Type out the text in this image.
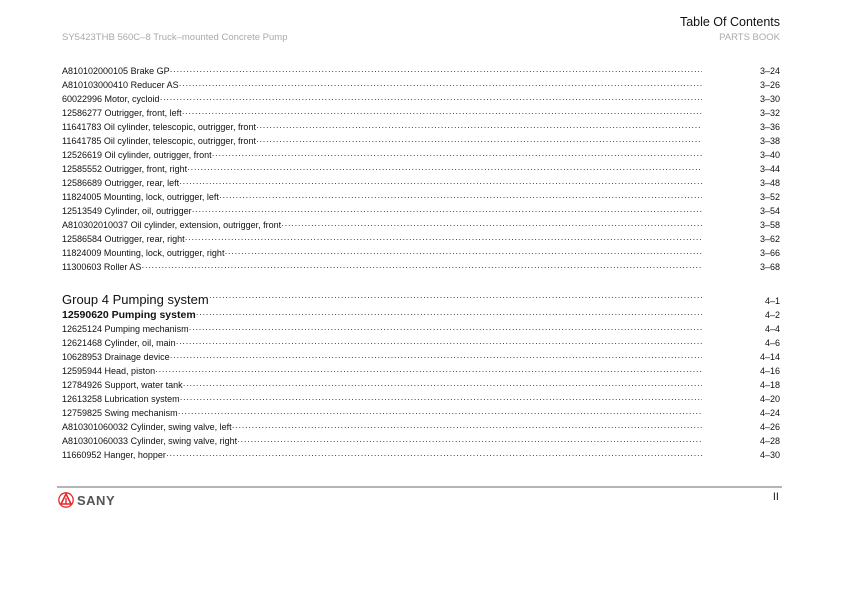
Table Of Contents
SY5423THB 560C–8 Truck–mounted Concrete Pump	PARTS BOOK
A810102000105 Brake GP ·····	3–24
A810103000410 Reducer AS ·····	3–26
60022996 Motor, cycloid ·····	3–30
12586277 Outrigger, front, left ·····	3–32
11641783 Oil cylinder, telescopic, outrigger, front ·····	3–36
11641785 Oil cylinder, telescopic, outrigger, front ·····	3–38
12526619 Oil cylinder, outrigger, front ·····	3–40
12585552 Outrigger, front, right ·····	3–44
12586689 Outrigger, rear, left ·····	3–48
11824005 Mounting, lock, outrigger, left ·····	3–52
12513549 Cylinder, oil, outrigger ·····	3–54
A810302010037 Oil cylinder, extension, outrigger, front ·····	3–58
12586584 Outrigger, rear, right ·····	3–62
11824009 Mounting, lock, outrigger, right ·····	3–66
11300603 Roller AS ·····	3–68
Group 4 Pumping system ·····	4–1
12590620 Pumping system ·····	4–2
12625124 Pumping mechanism ·····	4–4
12621468 Cylinder, oil, main ·····	4–6
10628953 Drainage device ·····	4–14
12595944 Head, piston ·····	4–16
12784926 Support, water tank ·····	4–18
12613258 Lubrication system ·····	4–20
12759825 Swing mechanism ·····	4–24
A810301060032 Cylinder, swing valve, left ·····	4–26
A810301060033 Cylinder, swing valve, right ·····	4–28
11660952 Hanger, hopper ·····	4–30
SANY	II
